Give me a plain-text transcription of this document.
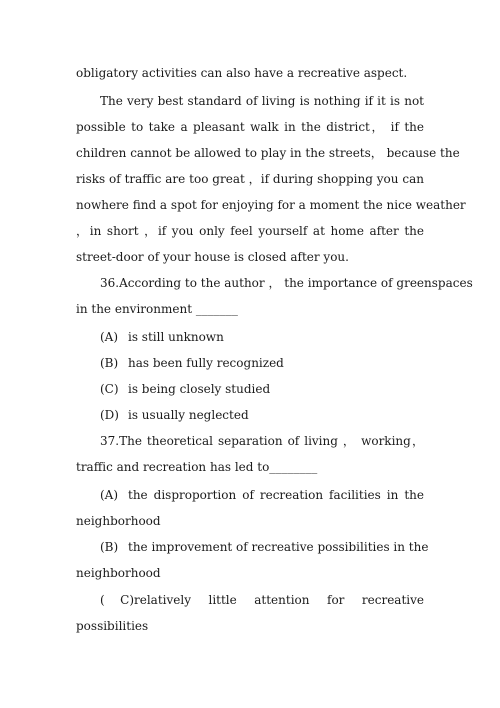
obligatory activities can also have a recreative aspect.
The very best standard of living is nothing if it is not
possible to take a pleasant walk in the district， if the
children cannot be allowed to play in the streets， because the
risks of traffic are too great ，if during shopping you can
nowhere find a spot for enjoying for a moment the nice weather
，in short ，if you only feel yourself at home after the
street-door of your house is closed after you.
36.According to the author ， the importance of greenspaces
in the environment _______
(A) is still unknown
(B) has been fully recognized
(C) is being closely studied
(D) is usually neglected
37.The theoretical separation of living ， working，
traffic and recreation has led to________
(A) the disproportion of recreation facilities in the
neighborhood
(B) the improvement of recreative possibilities in the
neighborhood
( C)relatively little attention for recreative
possibilities
